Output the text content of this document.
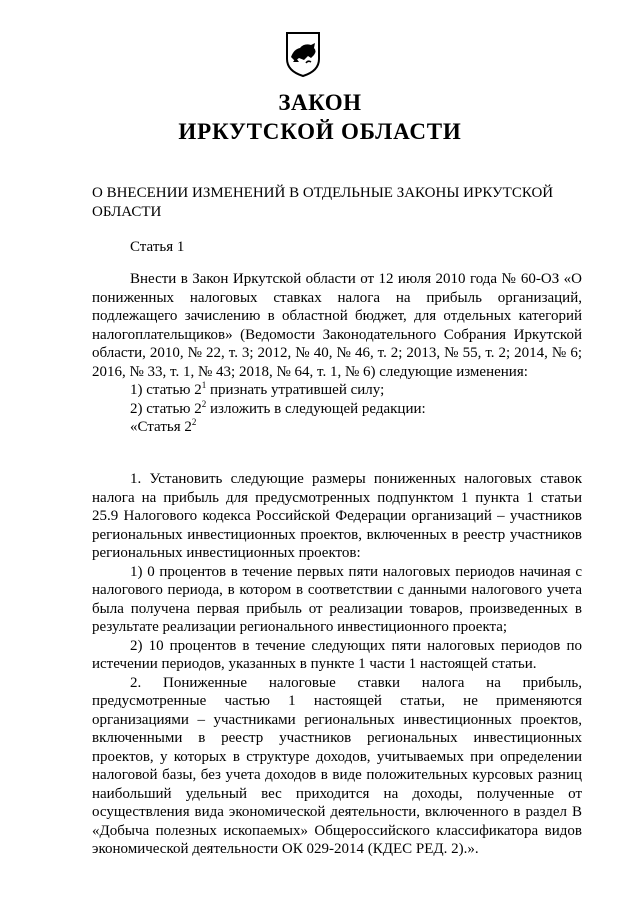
ЗАКОН
ИРКУТСКОЙ ОБЛАСТИ
О ВНЕСЕНИИ ИЗМЕНЕНИЙ В ОТДЕЛЬНЫЕ ЗАКОНЫ ИРКУТСКОЙ ОБЛАСТИ
Статья 1

Внести в Закон Иркутской области от 12 июля 2010 года № 60-ОЗ «О пониженных налоговых ставках налога на прибыль организаций, подлежащего зачислению в областной бюджет, для отдельных категорий налогоплательщиков» (Ведомости Законодательного Собрания Иркутской области, 2010, № 22, т. 3; 2012, № 40, № 46, т. 2; 2013, № 55, т. 2; 2014, № 6; 2016, № 33, т. 1, № 43; 2018, № 64, т. 1, № 6) следующие изменения:

1) статью $2^1$ признать утратившей силу;

2) статью $2^2$ изложить в следующей редакции:

«Статья $2^2$

1. Установить следующие размеры пониженных налоговых ставок налога на прибыль для предусмотренных подпунктом 1 пункта 1 статьи 25.9 Налогового кодекса Российской Федерации организаций – участников региональных инвестиционных проектов, включенных в реестр участников региональных инвестиционных проектов:

1) 0 процентов в течение первых пяти налоговых периодов начиная с налогового периода, в котором в соответствии с данными налогового учета была получена первая прибыль от реализации товаров, произведенных в результате реализации регионального инвестиционного проекта;

2) 10 процентов в течение следующих пяти налоговых периодов по истечении периодов, указанных в пункте 1 части 1 настоящей статьи.

2. Пониженные налоговые ставки налога на прибыль, предусмотренные частью 1 настоящей статьи, не применяются организациями – участниками региональных инвестиционных проектов, включенными в реестр участников региональных инвестиционных проектов, у которых в структуре доходов, учитываемых при определении налоговой базы, без учета доходов в виде положительных курсовых разниц наибольший удельный вес приходится на доходы, полученные от осуществления вида экономической деятельности, включенного в раздел В «Добыча полезных ископаемых» Общероссийского классификатора видов экономической деятельности ОК 029-2014 (КДЕС РЕД. 2).».
